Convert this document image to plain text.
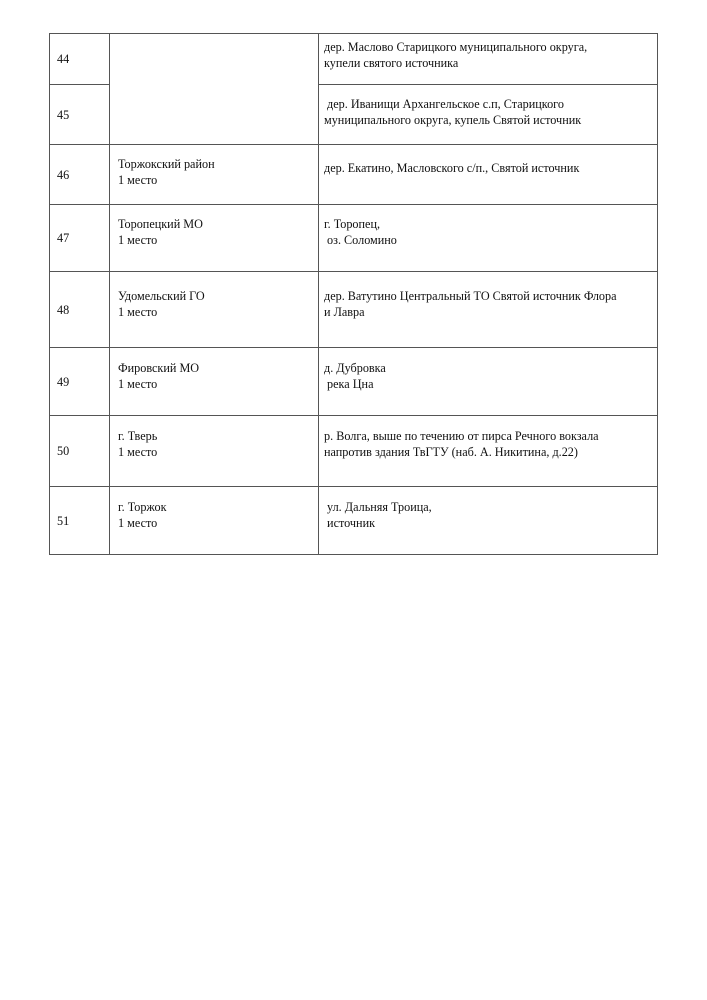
44		дер. Маслово Старицкого муниципального округа,
купели святого источника

45		дер. Иванищи Архангельское с.п, Старицкого
муниципального округа, купель Святой источник

46	Торжокский район
1 место	дер. Екатино, Масловского с/п., Святой источник

47	Торопецкий МО
1 место	г. Торопец,
оз. Соломино

48	Удомельский ГО
1 место	дер. Ватутино Центральный ТО Святой источник Флора
и Лавра

49	Фировский МО
1 место	д. Дубровка
река Цна

50	г. Тверь
1 место	р. Волга, выше по течению от пирса Речного вокзала
напротив здания ТвГТУ (наб. А. Никитина, д.22)

51	г. Торжок
1 место	ул. Дальняя Троица,
источник
